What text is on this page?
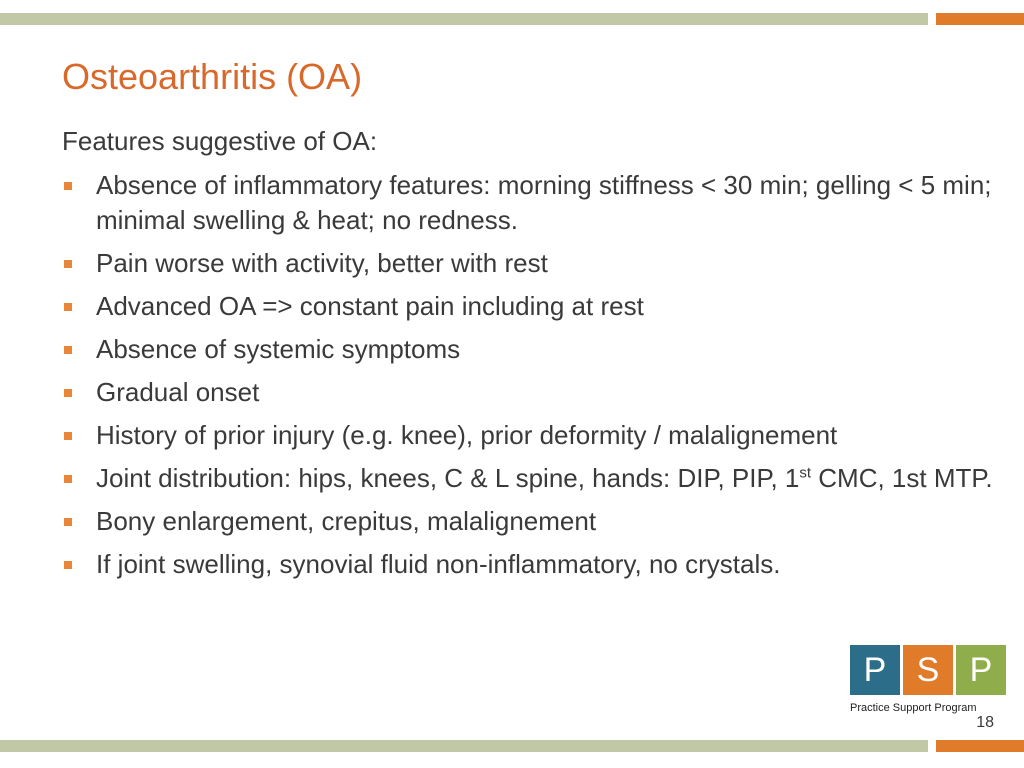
Osteoarthritis (OA)
Features suggestive of OA:
Absence of inflammatory features: morning stiffness < 30 min; gelling < 5 min; minimal swelling & heat; no redness.
Pain worse with activity, better with rest
Advanced OA => constant pain including at rest
Absence of systemic symptoms
Gradual onset
History of prior injury (e.g. knee), prior deformity / malalignement
Joint distribution: hips, knees, C & L spine, hands: DIP, PIP, 1st CMC, 1st MTP.
Bony enlargement, crepitus, malalignement
If joint swelling, synovial fluid non-inflammatory, no crystals.
P S P
Practice Support Program
18
